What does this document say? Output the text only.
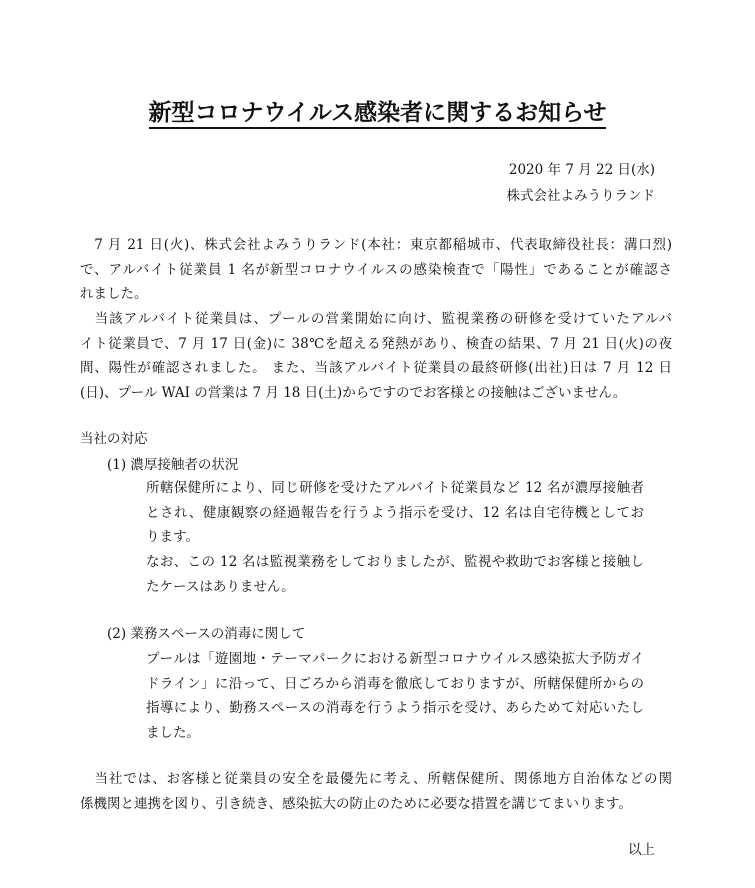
新型コロナウイルス感染者に関するお知らせ
2020 年 7 月 22 日(水)
株式会社よみうりランド

　7 月 21 日(火)、株式会社よみうりランド(本社：東京都稲城市、代表取締役社長：溝口烈)
で、アルバイト従業員 1 名が新型コロナウイルスの感染検査で「陽性」であることが確認さ
れました。

　当該アルバイト従業員は、プールの営業開始に向け、監視業務の研修を受けていたアルバ
イト従業員で、7 月 17 日(金)に 38℃を超える発熱があり、検査の結果、7 月 21 日(火)の夜
間、陽性が確認されました。 また、当該アルバイト従業員の最終研修(出社)日は 7 月 12 日
(日)、プール WAI の営業は 7 月 18 日(土)からですのでお客様との接触はございません。

当社の対応
(1) 濃厚接触者の状況

所轄保健所により、同じ研修を受けたアルバイト従業員など 12 名が濃厚接触者
とされ、健康観察の経過報告を行うよう指示を受け、12 名は自宅待機としてお
ります。

なお、この 12 名は監視業務をしておりましたが、監視や救助でお客様と接触し
たケースはありません。

(2) 業務スペースの消毒に関して

プールは「遊園地・テーマパークにおける新型コロナウイルス感染拡大予防ガイ
ドライン」に沿って、日ごろから消毒を徹底しておりますが、所轄保健所からの
指導により、勤務スペースの消毒を行うよう指示を受け、あらためて対応いたし
ました。

　当社では、お客様と従業員の安全を最優先に考え、所轄保健所、関係地方自治体などの関
係機関と連携を図り、引き続き、感染拡大の防止のために必要な措置を講じてまいります。

以上
